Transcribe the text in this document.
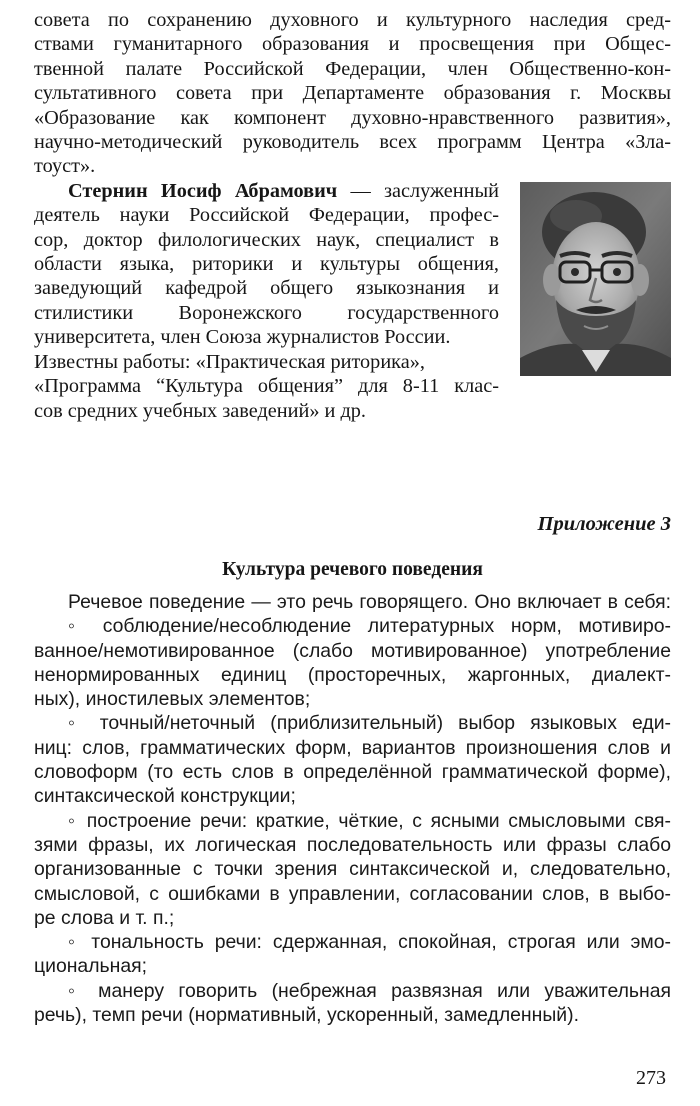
совета по сохранению духовного и культурного наследия сред-
ствами гуманитарного образования и просвещения при Общес-
твенной палате Российской Федерации, член Общественно-кон-
сультативного совета при Департаменте образования г. Москвы
«Образование как компонент духовно-нравственного развития»,
научно-методический руководитель всех программ Центра «Зла-
тоуст».
Стернин Иосиф Абрамович — заслуженный
деятель науки Российской Федерации, профес-
сор, доктор филологических наук, специалист в
области языка, риторики и культуры общения,
заведующий кафедрой общего языкознания и
стилистики Воронежского государственного
университета, член Союза журналистов России.
Известны работы: «Практическая риторика»,
«Программа “Культура общения” для 8-11 клас-
сов средних учебных заведений» и др.
Приложение 3
Культура речевого поведения
Речевое поведение — это речь говорящего. Оно включает в себя:
◦ соблюдение/несоблюдение литературных норм, мотивиро-
ванное/немотивированное (слабо мотивированное) употребление
ненормированных единиц (просторечных, жаргонных, диалект-
ных), иностилевых элементов;
◦ точный/неточный (приблизительный) выбор языковых еди-
ниц: слов, грамматических форм, вариантов произношения слов и
словоформ (то есть слов в определённой грамматической форме),
синтаксической конструкции;
◦ построение речи: краткие, чёткие, с ясными смысловыми свя-
зями фразы, их логическая последовательность или фразы слабо
организованные с точки зрения синтаксической и, следовательно,
смысловой, с ошибками в управлении, согласовании слов, в выбо-
ре слова и т. п.;
◦ тональность речи: сдержанная, спокойная, строгая или эмо-
циональная;
◦ манеру говорить (небрежная развязная или уважительная
речь), темп речи (нормативный, ускоренный, замедленный).
273
